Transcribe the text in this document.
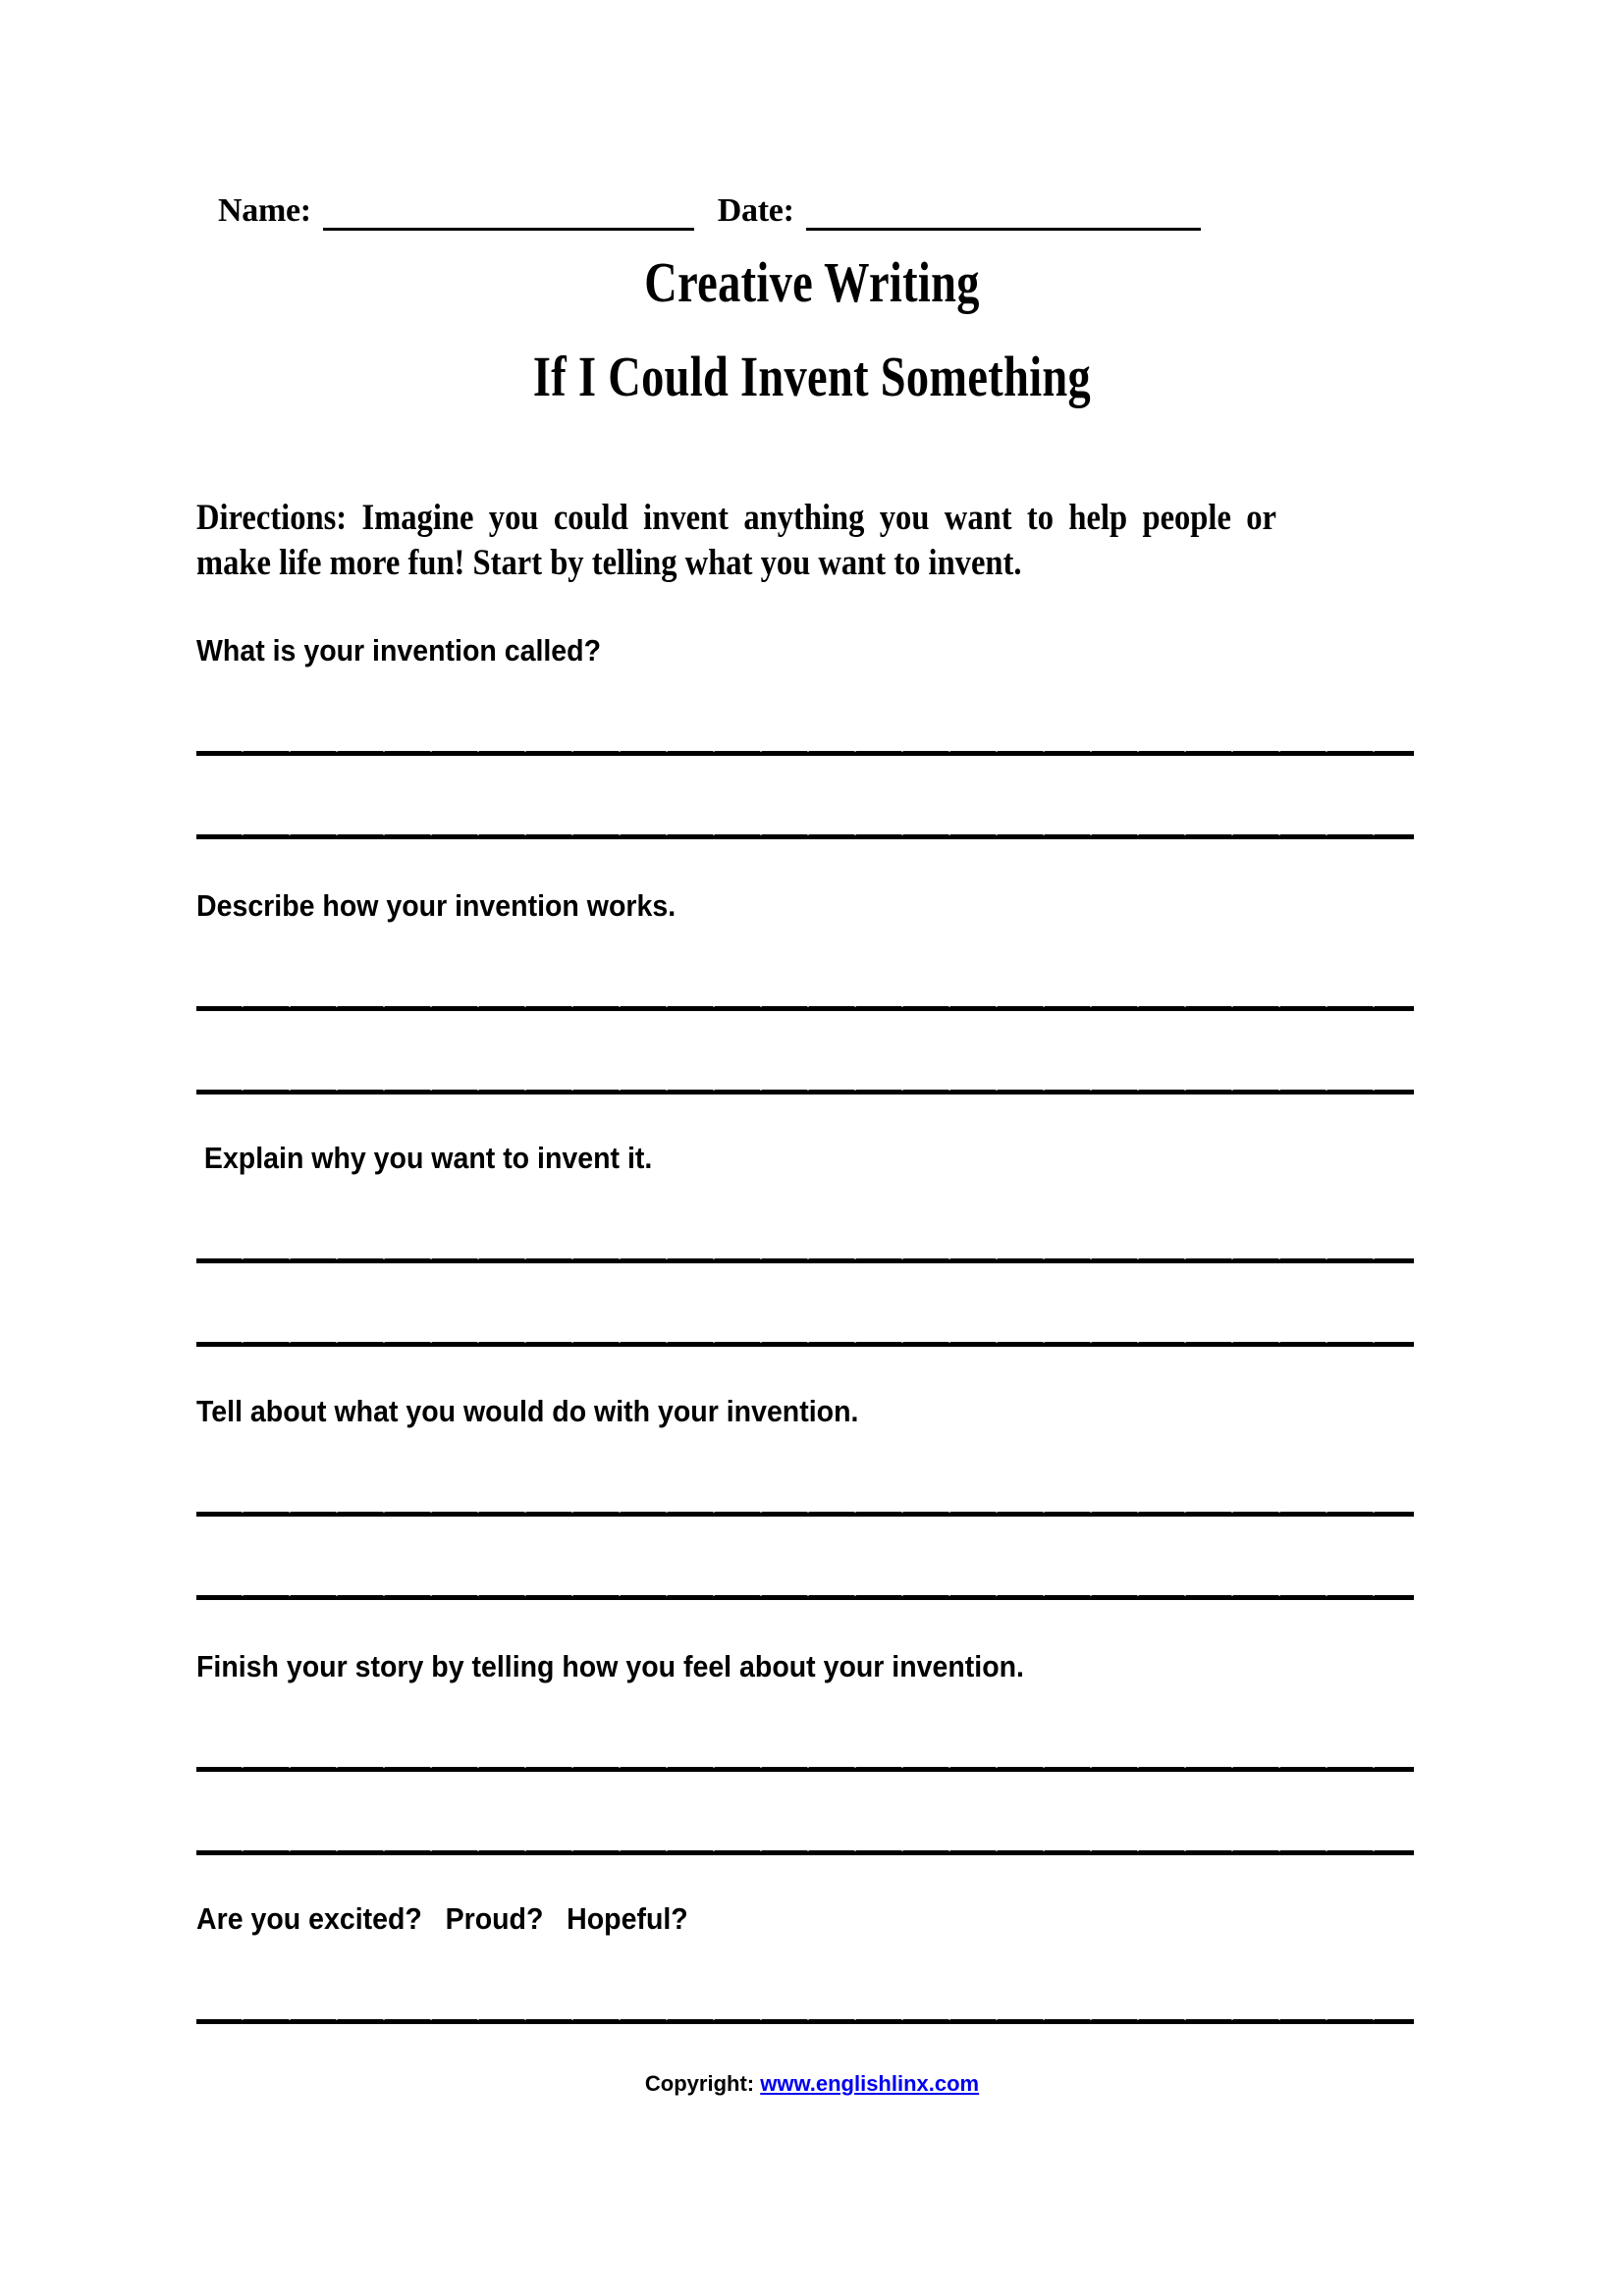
Name:	Date:
Creative Writing
If I Could Invent Something
Directions: Imagine you could invent anything you want to help people or make life more fun! Start by telling what you want to invent.
What is your invention called?
Describe how your invention works.
Explain why you want to invent it.
Tell about what you would do with your invention.
Finish your story by telling how you feel about your invention.
Are you excited?   Proud?   Hopeful?
Copyright: www.englishlinx.com
